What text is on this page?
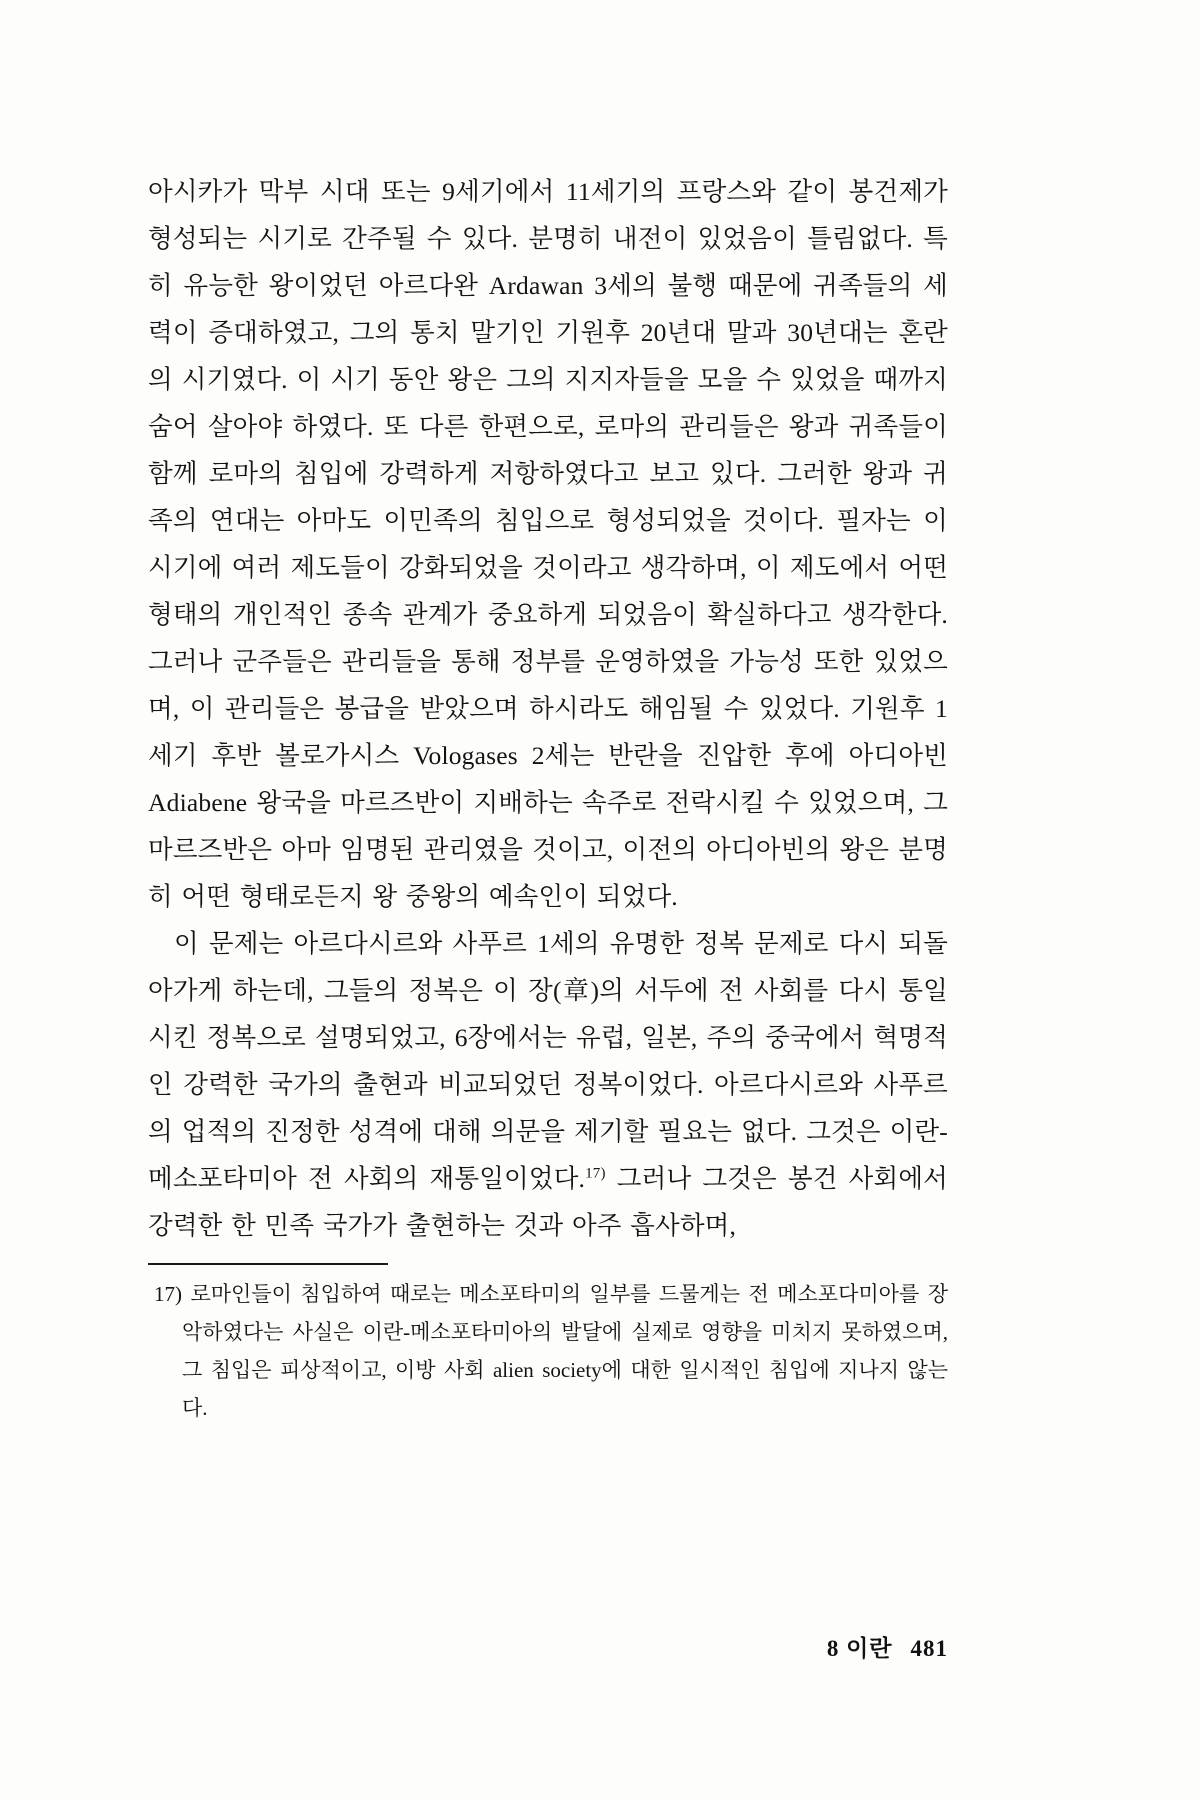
아시카가 막부 시대 또는 9세기에서 11세기의 프랑스와 같이 봉건제가 형성되는 시기로 간주될 수 있다. 분명히 내전이 있었음이 틀림없다. 특히 유능한 왕이었던 아르다완 Ardawan 3세의 불행 때문에 귀족들의 세력이 증대하였고, 그의 통치 말기인 기원후 20년대 말과 30년대는 혼란의 시기였다. 이 시기 동안 왕은 그의 지지자들을 모을 수 있었을 때까지 숨어 살아야 하였다. 또 다른 한편으로, 로마의 관리들은 왕과 귀족들이 함께 로마의 침입에 강력하게 저항하였다고 보고 있다. 그러한 왕과 귀족의 연대는 아마도 이민족의 침입으로 형성되었을 것이다. 필자는 이 시기에 여러 제도들이 강화되었을 것이라고 생각하며, 이 제도에서 어떤 형태의 개인적인 종속 관계가 중요하게 되었음이 확실하다고 생각한다. 그러나 군주들은 관리들을 통해 정부를 운영하였을 가능성 또한 있었으며, 이 관리들은 봉급을 받았으며 하시라도 해임될 수 있었다. 기원후 1세기 후반 볼로가시스 Vologases 2세는 반란을 진압한 후에 아디아빈 Adiabene 왕국을 마르즈반이 지배하는 속주로 전락시킬 수 있었으며, 그 마르즈반은 아마 임명된 관리였을 것이고, 이전의 아디아빈의 왕은 분명히 어떤 형태로든지 왕 중왕의 예속인이 되었다.

이 문제는 아르다시르와 사푸르 1세의 유명한 정복 문제로 다시 되돌아가게 하는데, 그들의 정복은 이 장(章)의 서두에 전 사회를 다시 통일시킨 정복으로 설명되었고, 6장에서는 유럽, 일본, 주의 중국에서 혁명적인 강력한 국가의 출현과 비교되었던 정복이었다. 아르다시르와 사푸르의 업적의 진정한 성격에 대해 의문을 제기할 필요는 없다. 그것은 이란-메소포타미아 전 사회의 재통일이었다.$^{17)}$ 그러나 그것은 봉건 사회에서 강력한 한 민족 국가가 출현하는 것과 아주 흡사하며,

17) 로마인들이 침입하여 때로는 메소포타미의 일부를 드물게는 전 메소포다미아를 장악하였다는 사실은 이란-메소포타미아의 발달에 실제로 영향을 미치지 못하였으며, 그 침입은 피상적이고, 이방 사회 alien society에 대한 일시적인 침입에 지나지 않는다.

8 이란 481
